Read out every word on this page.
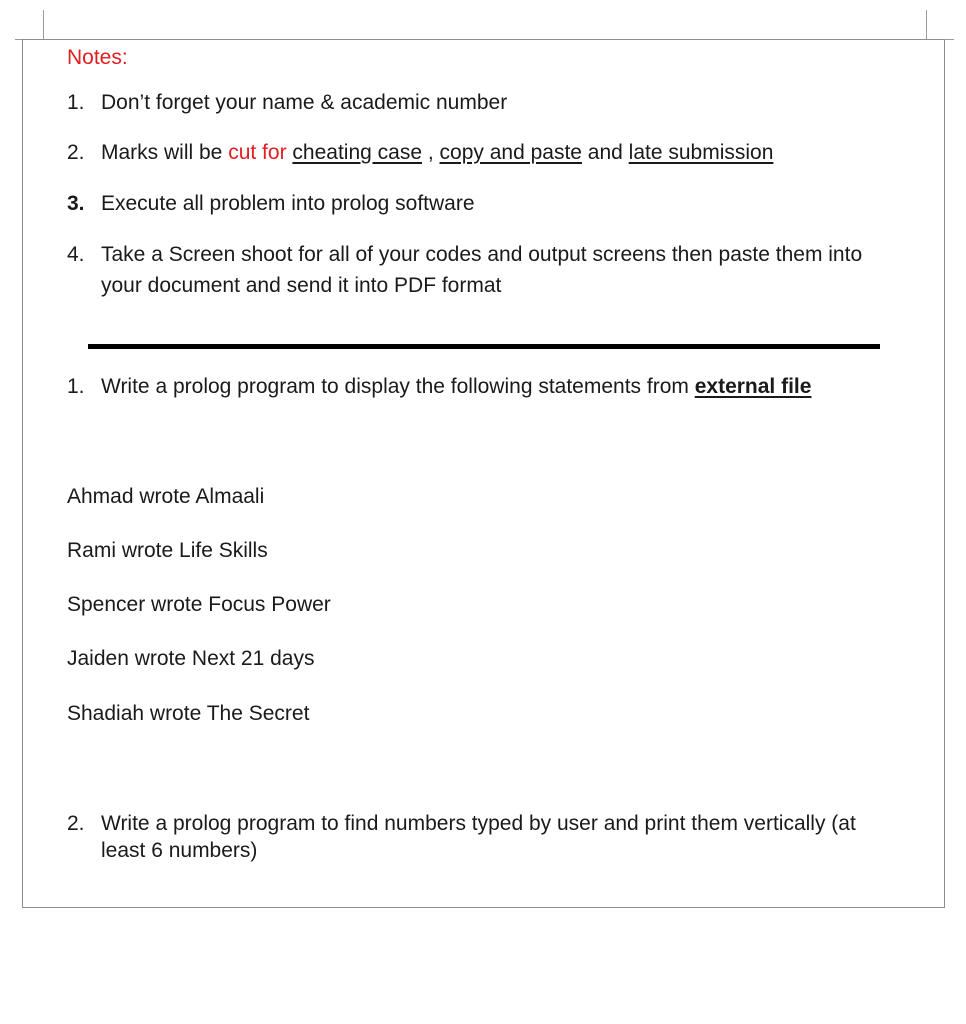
Notes:
1. Don’t forget your name & academic number
2. Marks will be cut for cheating case , copy and paste and late submission
3. Execute all problem into prolog software
4. Take a Screen shoot for all of your codes and output screens then paste them into
your document and send it into PDF format
1. Write a prolog program to display the following statements from external file
Ahmad wrote Almaali
Rami wrote Life Skills
Spencer wrote Focus Power
Jaiden wrote Next 21 days
Shadiah wrote The Secret
2. Write a prolog program to find numbers typed by user and print them vertically (at
least 6 numbers)
